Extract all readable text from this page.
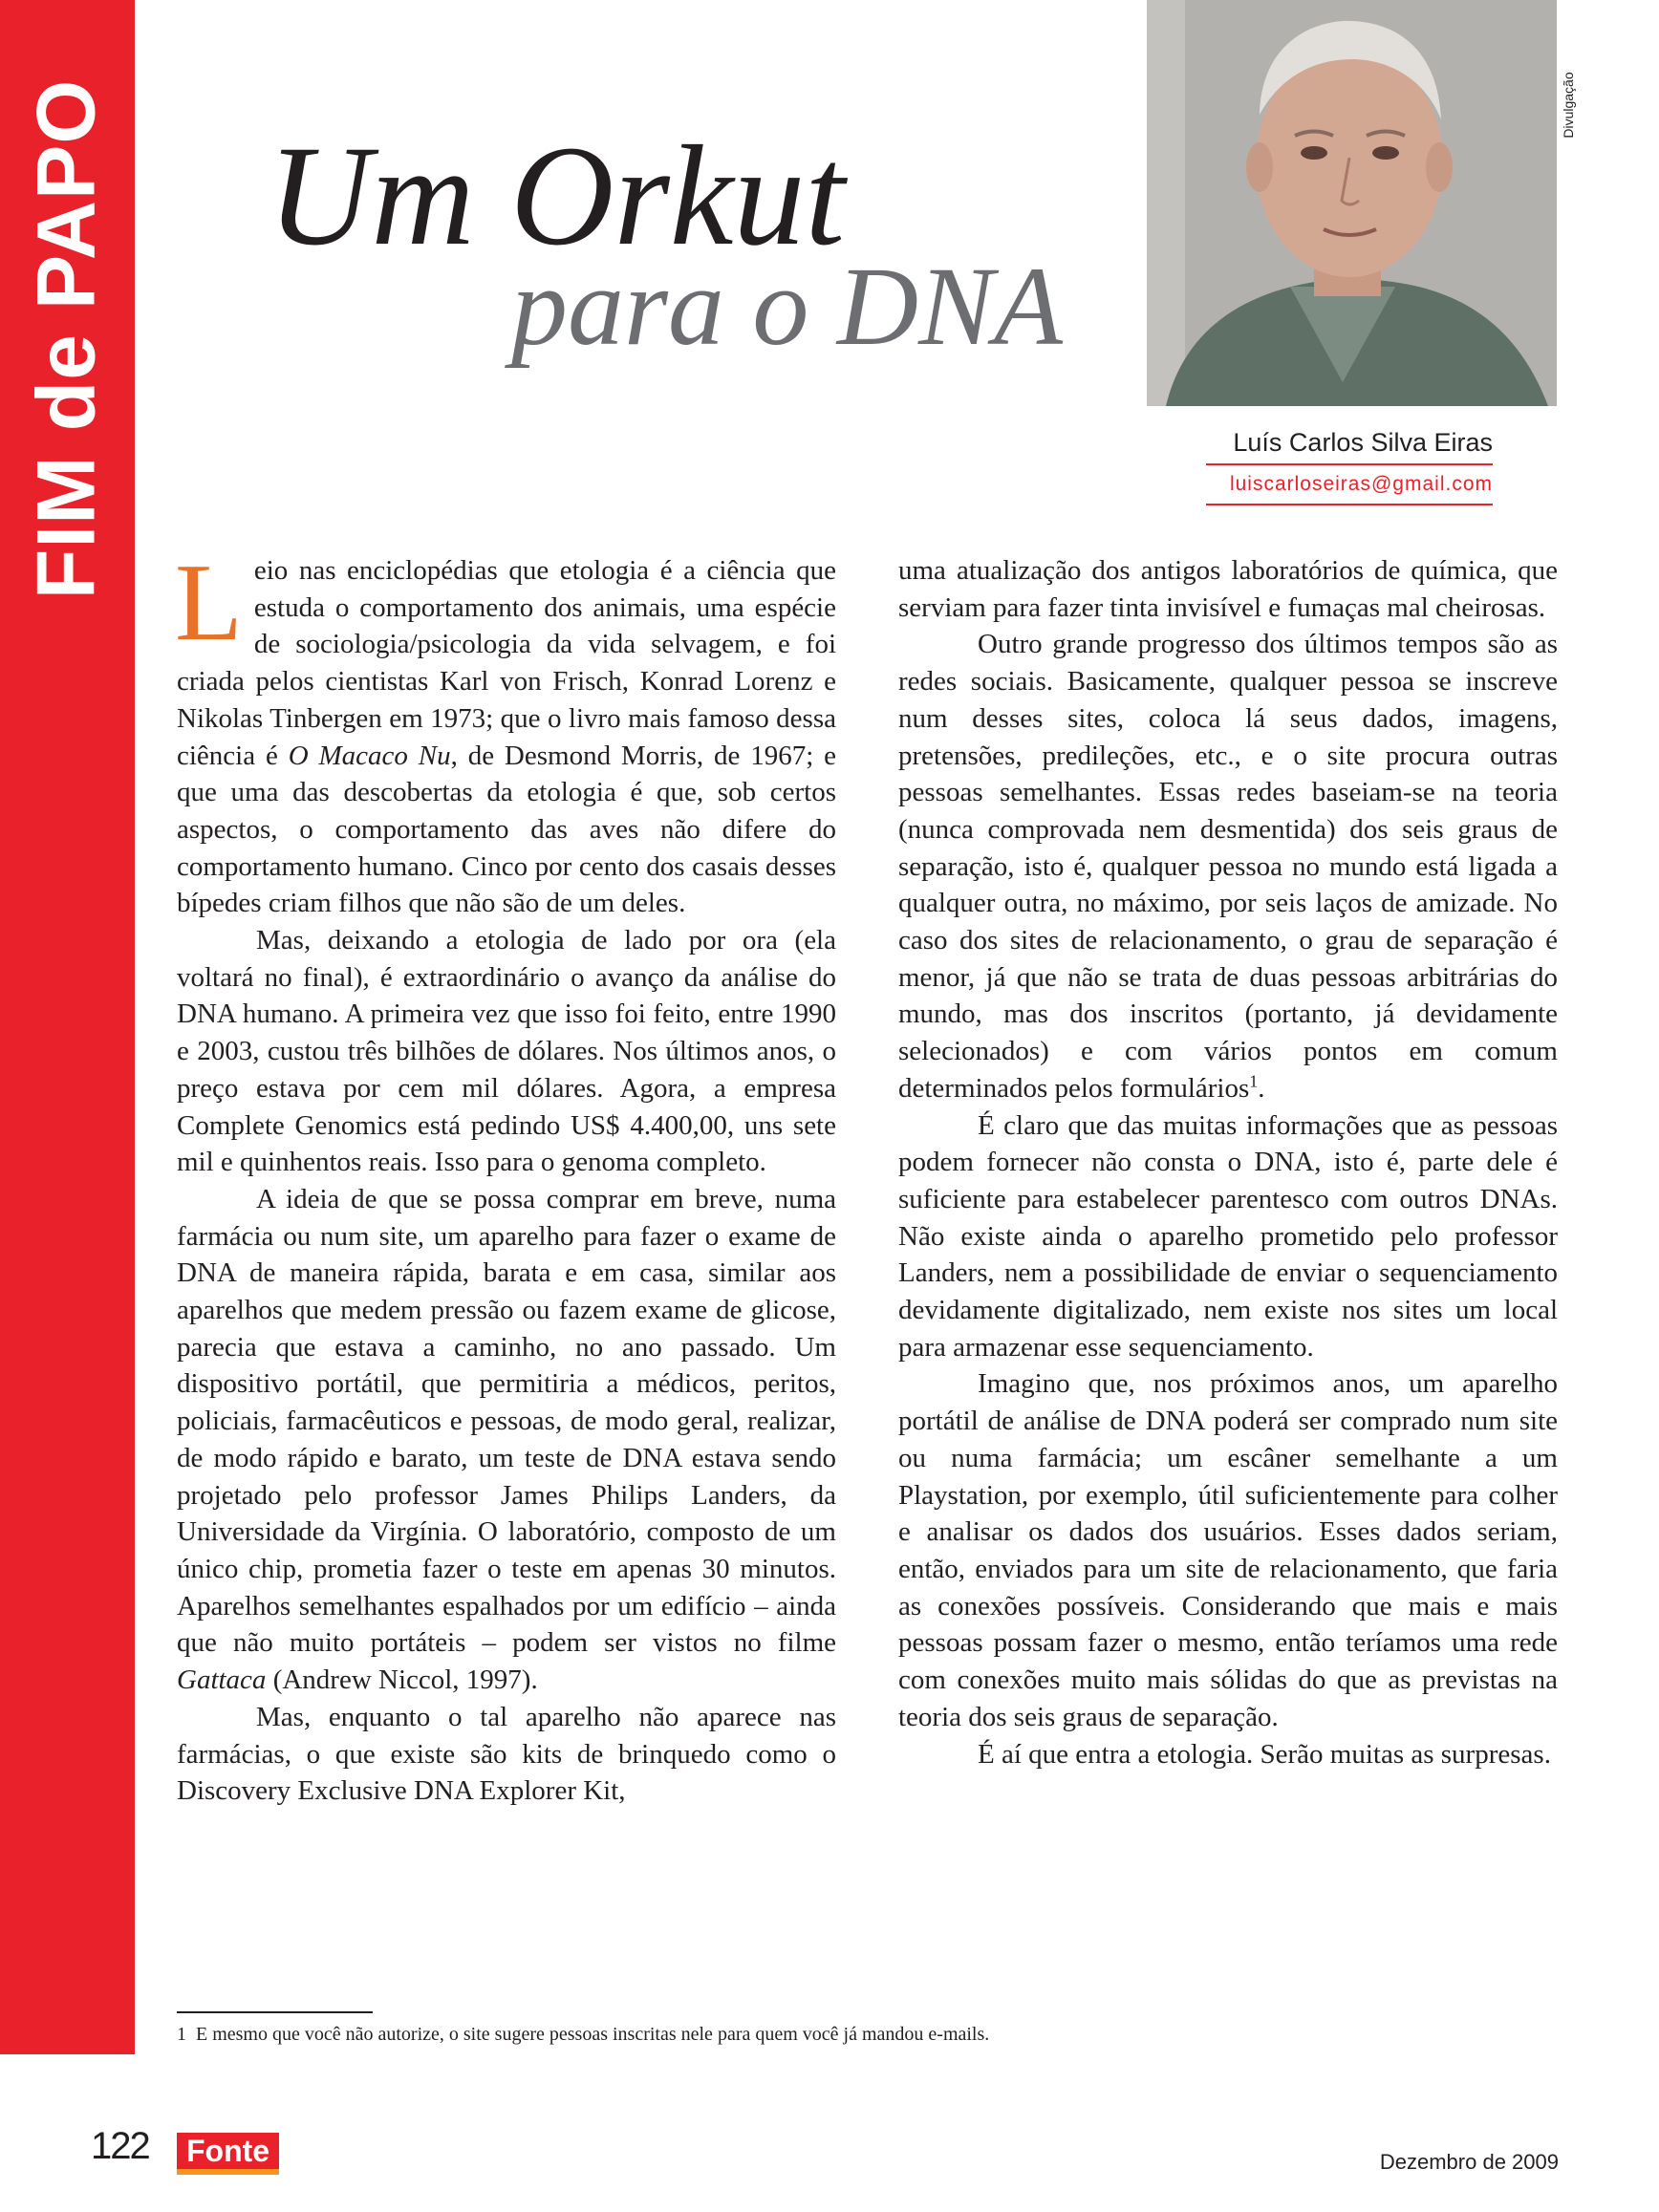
FIM de PAPO Um Orkut
para o DNA
Divulgação
Luís Carlos Silva Eiras
luiscarloseiras@gmail.com

Leio nas enciclopédias que etologia é a ciência que estuda o comportamento dos animais, uma espécie de sociologia/psicologia da vida selvagem, e foi criada pelos cientistas Karl von Frisch, Konrad Lorenz e Nikolas Tinbergen em 1973; que o livro mais famoso dessa ciência é O Macaco Nu, de Desmond Morris, de 1967; e que uma das descobertas da etologia é que, sob certos aspectos, o comportamento das aves não difere do comportamento humano. Cinco por cento dos casais desses bípedes criam filhos que não são de um deles.

Mas, deixando a etologia de lado por ora (ela voltará no final), é extraordinário o avanço da análise do DNA humano. A primeira vez que isso foi feito, entre 1990 e 2003, custou três bilhões de dólares. Nos últimos anos, o preço estava por cem mil dólares. Agora, a empresa Complete Genomics está pedindo US$ 4.400,00, uns sete mil e quinhentos reais. Isso para o genoma completo.

A ideia de que se possa comprar em breve, numa farmácia ou num site, um aparelho para fazer o exame de DNA de maneira rápida, barata e em casa, similar aos aparelhos que medem pressão ou fazem exame de glicose, parecia que estava a caminho, no ano passado. Um dispositivo portátil, que permitiria a médicos, peritos, policiais, farmacêuticos e pessoas, de modo geral, realizar, de modo rápido e barato, um teste de DNA estava sendo projetado pelo professor James Philips Landers, da Universidade da Virgínia. O laboratório, composto de um único chip, prometia fazer o teste em apenas 30 minutos. Aparelhos semelhantes espalhados por um edifício – ainda que não muito portáteis – podem ser vistos no filme Gattaca (Andrew Niccol, 1997).

Mas, enquanto o tal aparelho não aparece nas farmácias, o que existe são kits de brinquedo como o Discovery Exclusive DNA Explorer Kit,

uma atualização dos antigos laboratórios de química, que serviam para fazer tinta invisível e fumaças mal cheirosas.

Outro grande progresso dos últimos tempos são as redes sociais. Basicamente, qualquer pessoa se inscreve num desses sites, coloca lá seus dados, imagens, pretensões, predileções, etc., e o site procura outras pessoas semelhantes. Essas redes baseiam-se na teoria (nunca comprovada nem desmentida) dos seis graus de separação, isto é, qualquer pessoa no mundo está ligada a qualquer outra, no máximo, por seis laços de amizade. No caso dos sites de relacionamento, o grau de separação é menor, já que não se trata de duas pessoas arbitrárias do mundo, mas dos inscritos (portanto, já devidamente selecionados) e com vários pontos em comum determinados pelos formulários$^1$.

É claro que das muitas informações que as pessoas podem fornecer não consta o DNA, isto é, parte dele é suficiente para estabelecer parentesco com outros DNAs. Não existe ainda o aparelho prometido pelo professor Landers, nem a possibilidade de enviar o sequenciamento devidamente digitalizado, nem existe nos sites um local para armazenar esse sequenciamento.

Imagino que, nos próximos anos, um aparelho portátil de análise de DNA poderá ser comprado num site ou numa farmácia; um escâner semelhante a um Playstation, por exemplo, útil suficientemente para colher e analisar os dados dos usuários. Esses dados seriam, então, enviados para um site de relacionamento, que faria as conexões possíveis. Considerando que mais e mais pessoas possam fazer o mesmo, então teríamos uma rede com conexões muito mais sólidas do que as previstas na teoria dos seis graus de separação.

É aí que entra a etologia. Serão muitas as surpresas.

1 E mesmo que você não autorize, o site sugere pessoas inscritas nele para quem você já mandou e-mails.
122	Fonte	Dezembro de 2009
